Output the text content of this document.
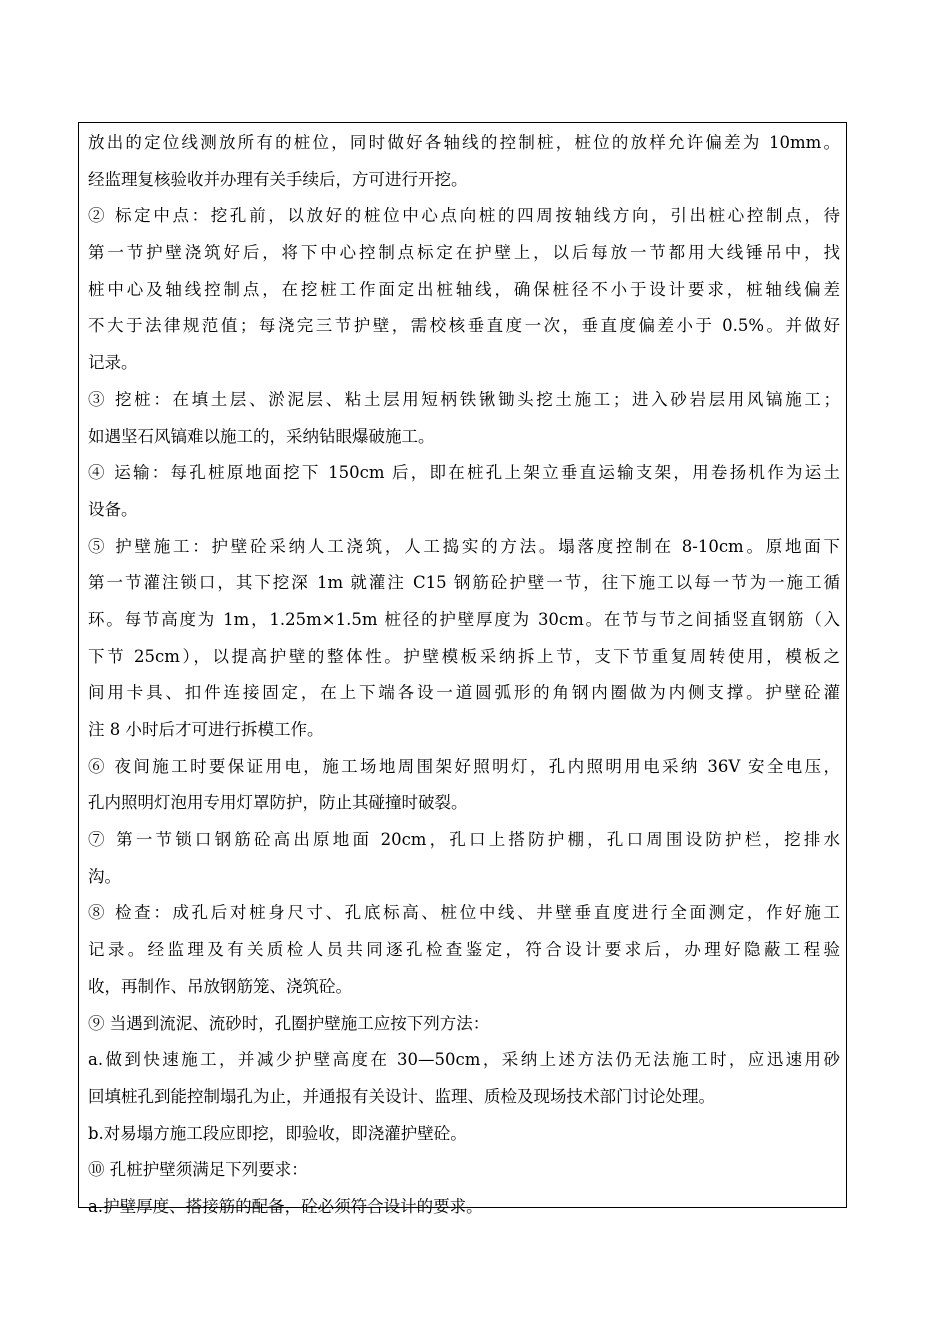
放出的定位线测放所有的桩位，同时做好各轴线的控制桩，桩位的放样允许偏差为 10mm。
经监理复核验收并办理有关手续后，方可进行开挖。
② 标定中点：挖孔前，以放好的桩位中心点向桩的四周按轴线方向，引出桩心控制点，待
第一节护壁浇筑好后，将下中心控制点标定在护壁上，以后每放一节都用大线锤吊中，找
桩中心及轴线控制点，在挖桩工作面定出桩轴线，确保桩径不小于设计要求，桩轴线偏差
不大于法律规范值；每浇完三节护壁，需校核垂直度一次，垂直度偏差小于 0.5%。并做好
记录。
③ 挖桩：在填土层、淤泥层、粘土层用短柄铁锹锄头挖土施工；进入砂岩层用风镐施工；
如遇坚石风镐难以施工的，采纳钻眼爆破施工。
④ 运输：每孔桩原地面挖下 150cm 后，即在桩孔上架立垂直运输支架，用卷扬机作为运土
设备。
⑤ 护壁施工：护壁砼采纳人工浇筑，人工捣实的方法。塌落度控制在 8-10cm。原地面下
第一节灌注锁口，其下挖深 1m 就灌注 C15 钢筋砼护壁一节，往下施工以每一节为一施工循
环。每节高度为 1m，1.25m×1.5m 桩径的护壁厚度为 30cm。在节与节之间插竖直钢筋（入
下节 25cm），以提高护壁的整体性。护壁模板采纳拆上节，支下节重复周转使用，模板之
间用卡具、扣件连接固定，在上下端各设一道圆弧形的角钢内圈做为内侧支撑。护壁砼灌
注 8 小时后才可进行拆模工作。
⑥ 夜间施工时要保证用电，施工场地周围架好照明灯，孔内照明用电采纳 36V 安全电压，
孔内照明灯泡用专用灯罩防护，防止其碰撞时破裂。
⑦ 第一节锁口钢筋砼高出原地面 20cm，孔口上搭防护棚，孔口周围设防护栏，挖排水
沟。
⑧ 检查：成孔后对桩身尺寸、孔底标高、桩位中线、井壁垂直度进行全面测定，作好施工
记录。经监理及有关质检人员共同逐孔检查鉴定，符合设计要求后，办理好隐蔽工程验
收，再制作、吊放钢筋笼、浇筑砼。
⑨ 当遇到流泥、流砂时，孔圈护壁施工应按下列方法：
a.做到快速施工，并减少护壁高度在 30—50cm，采纳上述方法仍无法施工时，应迅速用砂
回填桩孔到能控制塌孔为止，并通报有关设计、监理、质检及现场技术部门讨论处理。
b.对易塌方施工段应即挖，即验收，即浇灌护壁砼。
⑩ 孔桩护壁须满足下列要求：
a.护壁厚度、搭接筋的配备，砼必须符合设计的要求。
